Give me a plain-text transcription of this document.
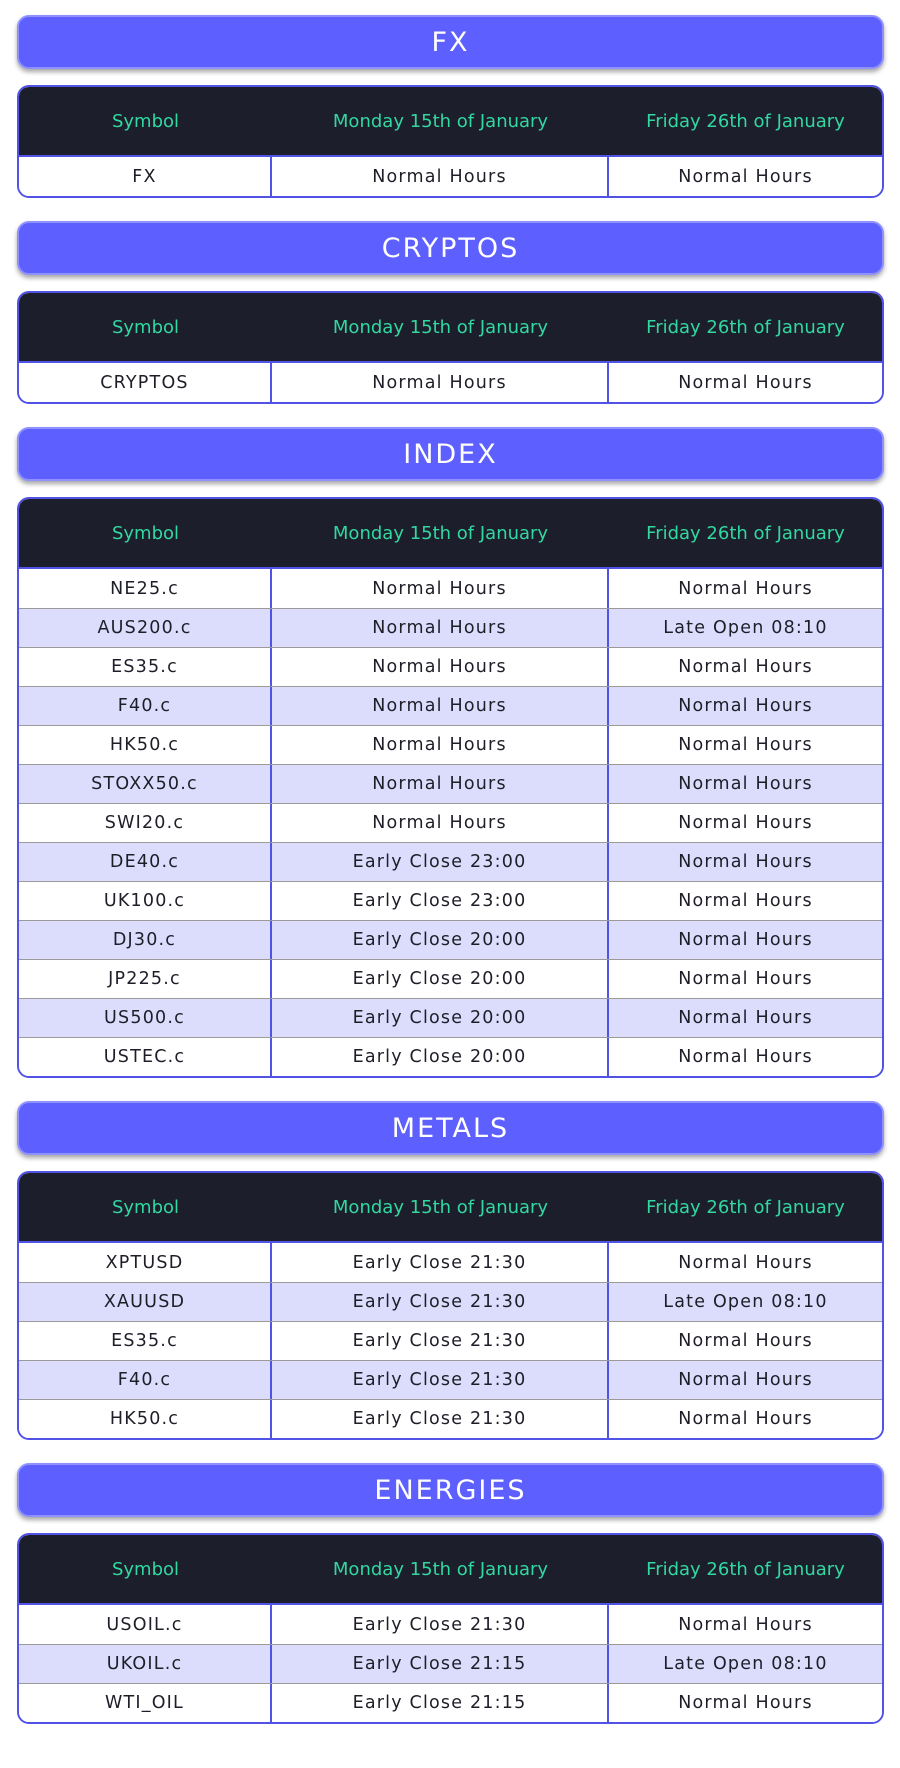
FX
Symbol	Monday 15th of January	Friday 26th of January
FX	Normal Hours	Normal Hours
CRYPTOS
Symbol	Monday 15th of January	Friday 26th of January
CRYPTOS	Normal Hours	Normal Hours
INDEX
Symbol	Monday 15th of January	Friday 26th of January
NE25.c	Normal Hours	Normal Hours
AUS200.c	Normal Hours	Late Open 08:10
ES35.c	Normal Hours	Normal Hours
F40.c	Normal Hours	Normal Hours
HK50.c	Normal Hours	Normal Hours
STOXX50.c	Normal Hours	Normal Hours
SWI20.c	Normal Hours	Normal Hours
DE40.c	Early Close 23:00	Normal Hours
UK100.c	Early Close 23:00	Normal Hours
DJ30.c	Early Close 20:00	Normal Hours
JP225.c	Early Close 20:00	Normal Hours
US500.c	Early Close 20:00	Normal Hours
USTEC.c	Early Close 20:00	Normal Hours
METALS
Symbol	Monday 15th of January	Friday 26th of January
XPTUSD	Early Close 21:30	Normal Hours
XAUUSD	Early Close 21:30	Late Open 08:10
ES35.c	Early Close 21:30	Normal Hours
F40.c	Early Close 21:30	Normal Hours
HK50.c	Early Close 21:30	Normal Hours
ENERGIES
Symbol	Monday 15th of January	Friday 26th of January
USOIL.c	Early Close 21:30	Normal Hours
UKOIL.c	Early Close 21:15	Late Open 08:10
WTI_OIL	Early Close 21:15	Normal Hours
